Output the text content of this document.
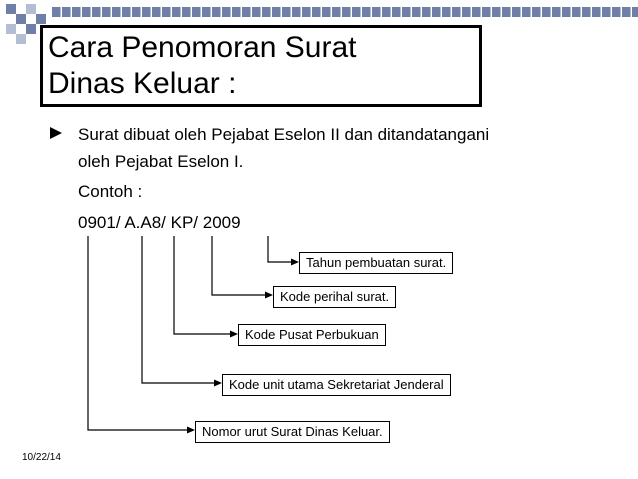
Cara Penomoran Surat
Dinas Keluar :
Surat dibuat oleh Pejabat Eselon II dan ditandatangani
oleh Pejabat Eselon I.
Contoh :
0901/ A.A8/ KP/ 2009
Tahun pembuatan surat.
Kode perihal surat.
Kode Pusat Perbukuan
Kode unit utama Sekretariat Jenderal
Nomor urut Surat Dinas Keluar.
10/22/14
